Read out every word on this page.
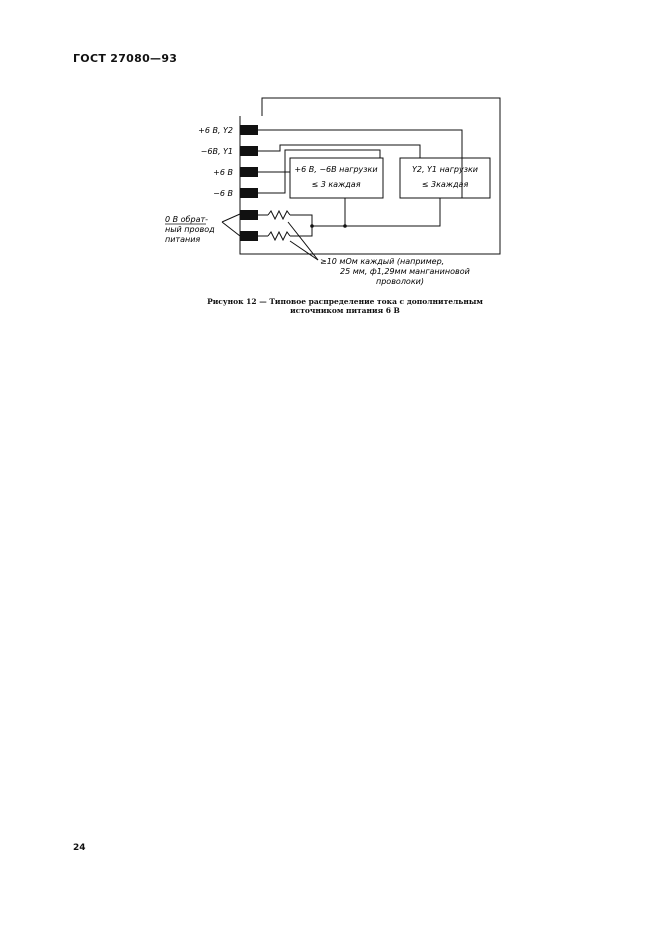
ГОСТ 27080—93
+6 В, Y2
−6В, Y1
+6 В
−6 В
0 В обрат-
ный провод
питания
+6 В, −6В нагрузки
≤ 3 каждая
Y2, Y1 нагрузки
≤ 3каждая
≥10 мОм каждый (например,
25 мм, ф1,29мм манганиновой
проволоки)
Рисунок 12 — Типовое распределение тока с дополнительным
источником питания 6 В
24
